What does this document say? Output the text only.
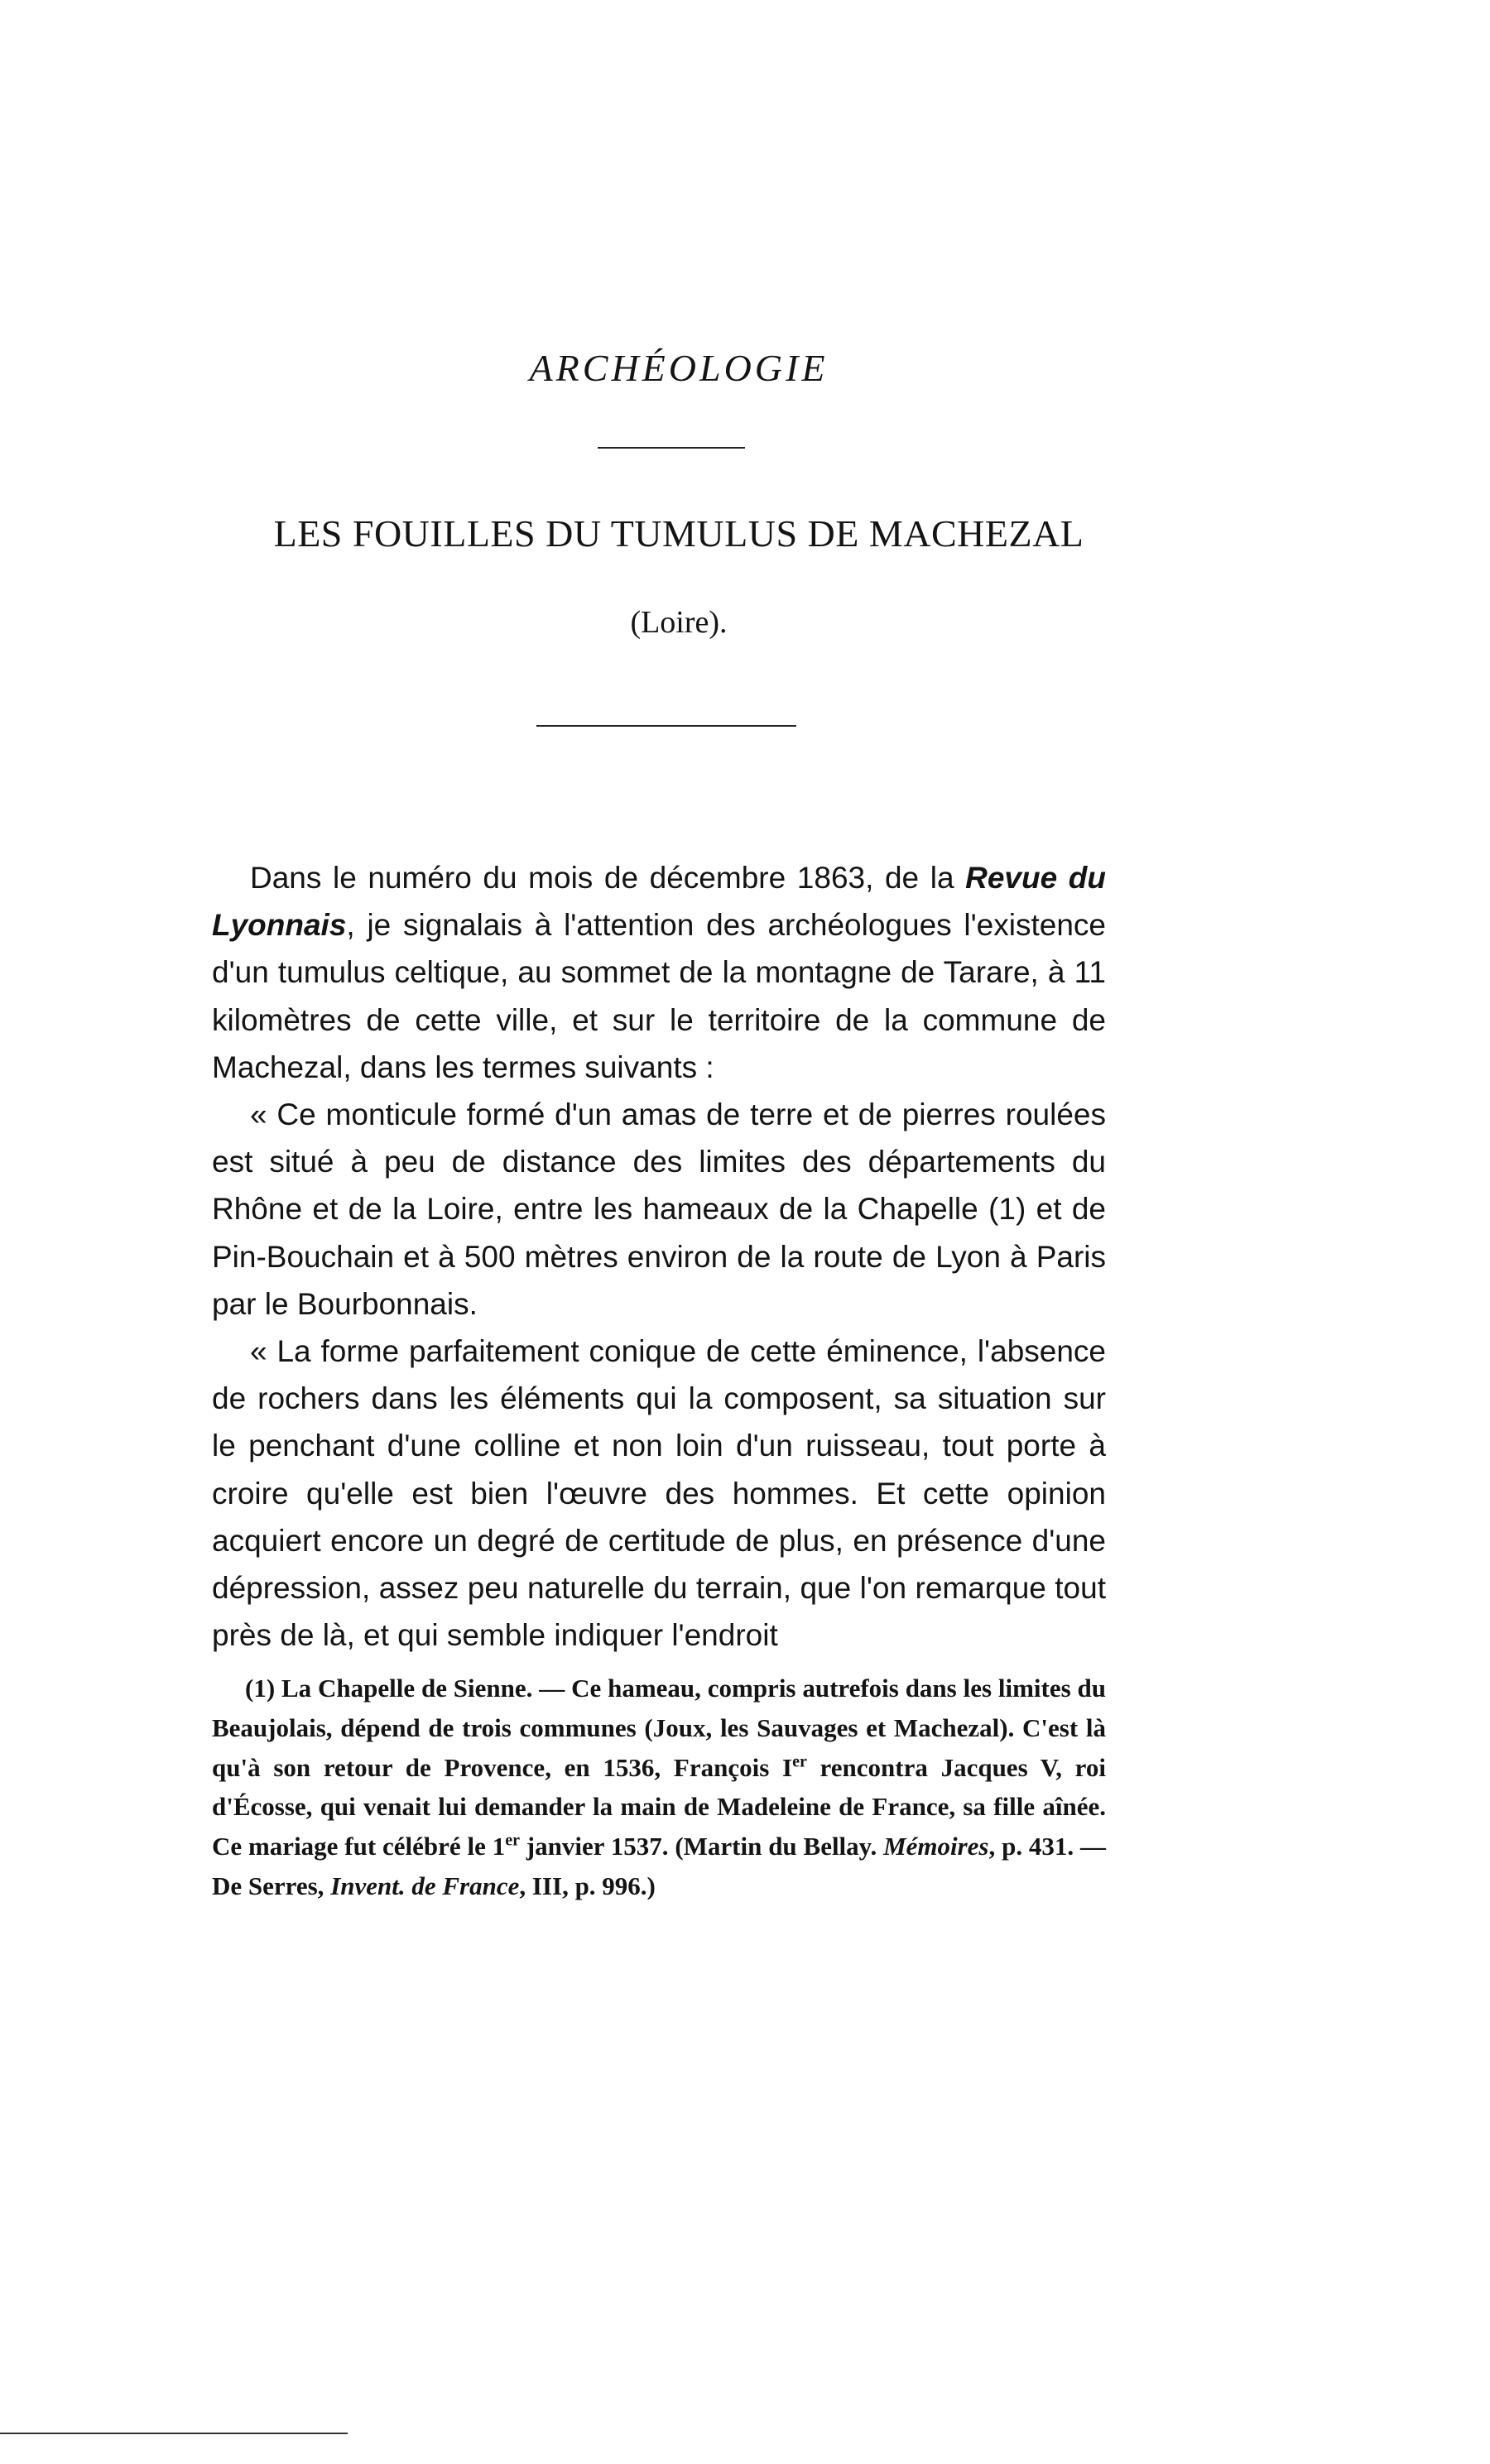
ARCHÉOLOGIE
LES FOUILLES DU TUMULUS DE MACHEZAL
(Loire).

Dans le numéro du mois de décembre 1863, de la Revue du Lyonnais, je signalais à l'attention des archéologues l'existence d'un tumulus celtique, au sommet de la montagne de Tarare, à 11 kilomètres de cette ville, et sur le territoire de la commune de Machezal, dans les termes suivants :

« Ce monticule formé d'un amas de terre et de pierres roulées est situé à peu de distance des limites des départements du Rhône et de la Loire, entre les hameaux de la Chapelle (1) et de Pin-Bouchain et à 500 mètres environ de la route de Lyon à Paris par le Bourbonnais.

« La forme parfaitement conique de cette éminence, l'absence de rochers dans les éléments qui la composent, sa situation sur le penchant d'une colline et non loin d'un ruisseau, tout porte à croire qu'elle est bien l'œuvre des hommes. Et cette opinion acquiert encore un degré de certitude de plus, en présence d'une dépression, assez peu naturelle du terrain, que l'on remarque tout près de là, et qui semble indiquer l'endroit

(1) La Chapelle de Sienne. — Ce hameau, compris autrefois dans les limites du Beaujolais, dépend de trois communes (Joux, les Sauvages et Machezal). C'est là qu'à son retour de Provence, en 1536, François Ier rencontra Jacques V, roi d'Écosse, qui venait lui demander la main de Madeleine de France, sa fille aînée. Ce mariage fut célébré le 1er janvier 1537. (Martin du Bellay. Mémoires, p. 431. — De Serres, Invent. de France, III, p. 996.)
